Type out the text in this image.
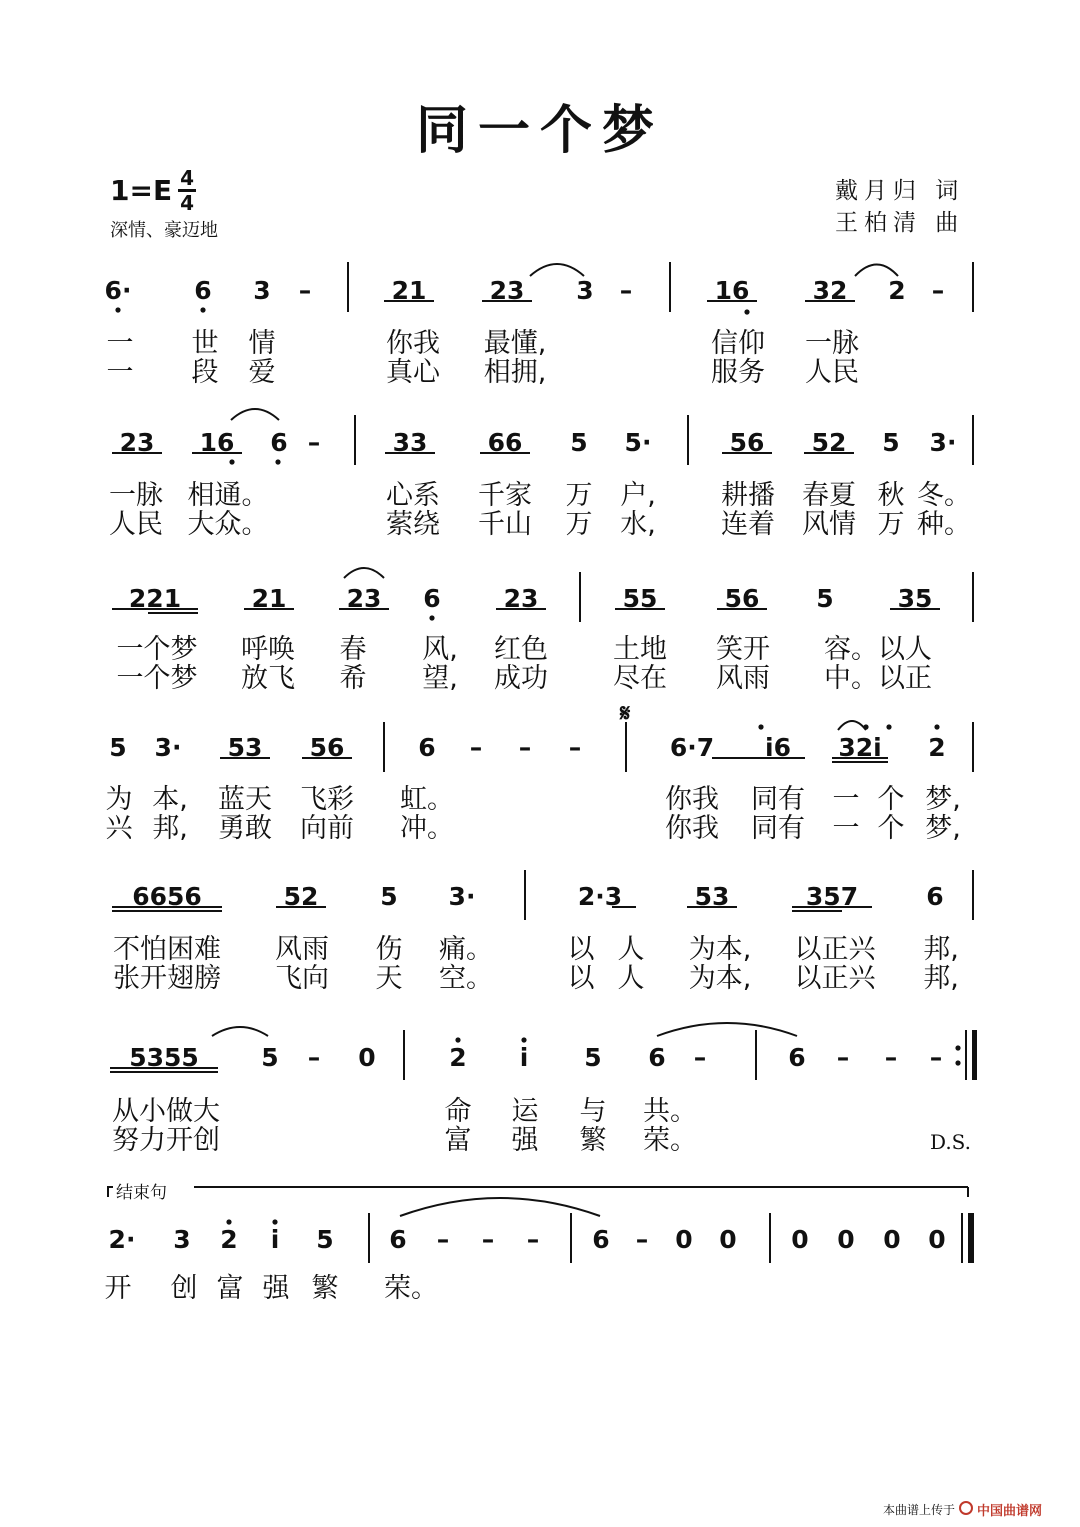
同一个梦
$1=E \frac{4}{4}$
深情、豪迈地
戴月归 词
王柏清 曲
6·	6 3 –	21	23 3 –	16	32 2 –
一 世 情	你我 最懂,	信仰 一脉
一 段 爱	真心 相拥,	服务 人民
23 16 6 –	33 66 5 5·	56 52 5 3·
一脉 相通。	心系 千家 万 户, 耕播 春夏 秋 冬。
人民 大众。	萦绕 千山 万 水, 连着 风情 万 种。
221	21 23 6	23	55	56 5	35
一个梦 呼唤 春 风, 红色 土地 笑开 容。以人
一个梦 放飞 希 望, 成功 尽在 风雨 中。以正
𝄋
5 3· 53 56	6 – – –	6·7 i6 32i 2
为 本, 蓝天 飞彩 虹。	你我 同有 一 个 梦,
兴 邦, 勇敢 向前 冲。	你我 同有 一 个 梦,
6656	52 5 3·	2·3	53	357	6
不怕困难 风雨 伤 痛。	以 人 为本, 以正兴 邦,
张开翅膀 飞向 天 空。	以 人 为本, 以正兴 邦,
5355	5 – 0	2 i 5 6 –	6 – – –
从小做大	命 运 与 共。
努力开创	富 强 繁 荣。	D.S.
结束句
2· 3 2 i 5 6 – – – 6 – 0 0 0 0 0 0
开 创 富 强 繁 荣。
本曲谱上传于 中国曲谱网
